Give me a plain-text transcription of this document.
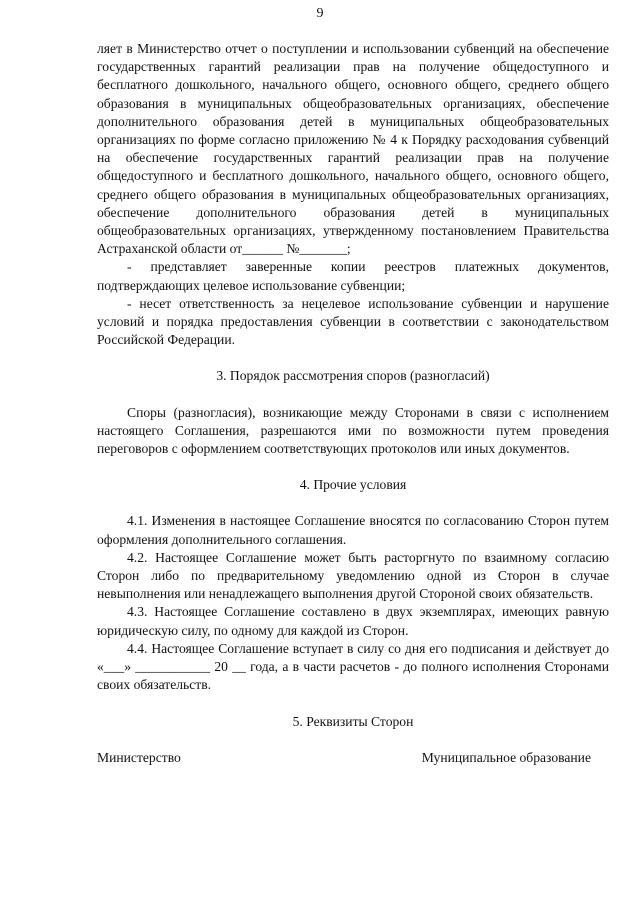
9

ляет в Министерство отчет о поступлении и использовании субвенций на обеспечение государственных гарантий реализации прав на получение общедоступного и бесплатного дошкольного, начального общего, основного общего, среднего общего образования в муниципальных общеобразовательных организациях, обеспечение дополнительного образования детей в муниципальных общеобразовательных организациях по форме согласно приложению № 4 к Порядку расходования субвенций на обеспечение государственных гарантий реализации прав на получение общедоступного и бесплатного дошкольного, начального общего, основного общего, среднего общего образования в муниципальных общеобразовательных организациях, обеспечение дополнительного образования детей в муниципальных общеобразовательных организациях, утвержденному постановлением Правительства Астраханской области от______ №_______;

- представляет заверенные копии реестров платежных документов, подтверждающих целевое использование субвенции;

- несет ответственность за нецелевое использование субвенции и нарушение условий и порядка предоставления субвенции в соответствии с законодательством Российской Федерации.

3. Порядок рассмотрения споров (разногласий)

Споры (разногласия), возникающие между Сторонами в связи с исполнением настоящего Соглашения, разрешаются ими по возможности путем проведения переговоров с оформлением соответствующих протоколов или иных документов.

4. Прочие условия

4.1. Изменения в настоящее Соглашение вносятся по согласованию Сторон путем оформления дополнительного соглашения.

4.2. Настоящее Соглашение может быть расторгнуто по взаимному согласию Сторон либо по предварительному уведомлению одной из Сторон в случае невыполнения или ненадлежащего выполнения другой Стороной своих обязательств.

4.3. Настоящее Соглашение составлено в двух экземплярах, имеющих равную юридическую силу, по одному для каждой из Сторон.

4.4. Настоящее Соглашение вступает в силу со дня его подписания и действует до «___» ___________ 20 __ года, а в части расчетов - до полного исполнения Сторонами своих обязательств.

5. Реквизиты Сторон

Министерство	Муниципальное образование
